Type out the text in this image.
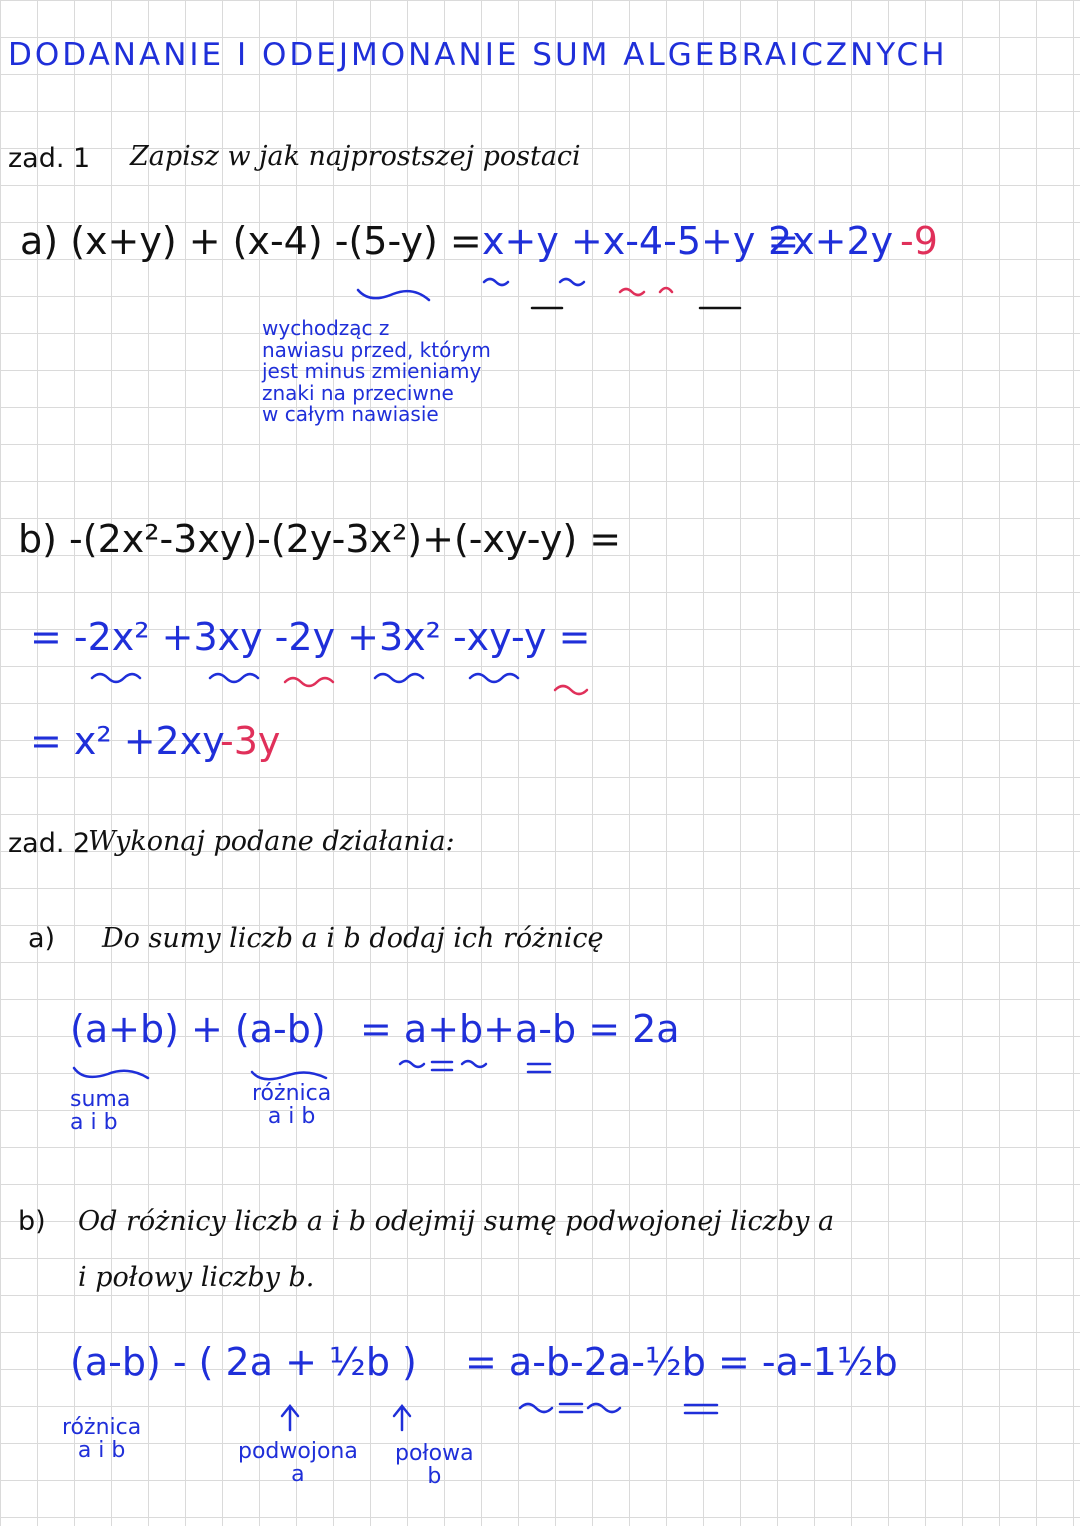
DODANANIE I ODEJMONANIE SUM ALGEBRAICZNYCH
zad. 1 Zapisz w jak najprostszej postaci
a) (x+y) + (x-4) -(5-y) = x+y +x-4-5+y =
2x+2y -9
wychodząc z
nawiasu przed, którym
jest minus zmieniamy
znaki na przeciwne
w całym nawiasie
b) -(2x²-3xy)-(2y-3x²)+(-xy-y) =
= -2x² +3xy -2y +3x² -xy-y =
= x² +2xy
-3y
zad. 2
Wykonaj podane działania:
a) Do sumy liczb a i b dodaj ich różnicę
(a+b) + (a-b) = a+b+a-b = 2a
suma
a i b
różnica
a i b
b) Od różnicy liczb a i b odejmij sumę podwojonej liczby a
i połowy liczby b.
(a-b) - ( 2a + ½b ) = a-b-2a-½b = -a-1½b
różnica
a i b	podwojona
a
połowa
b
